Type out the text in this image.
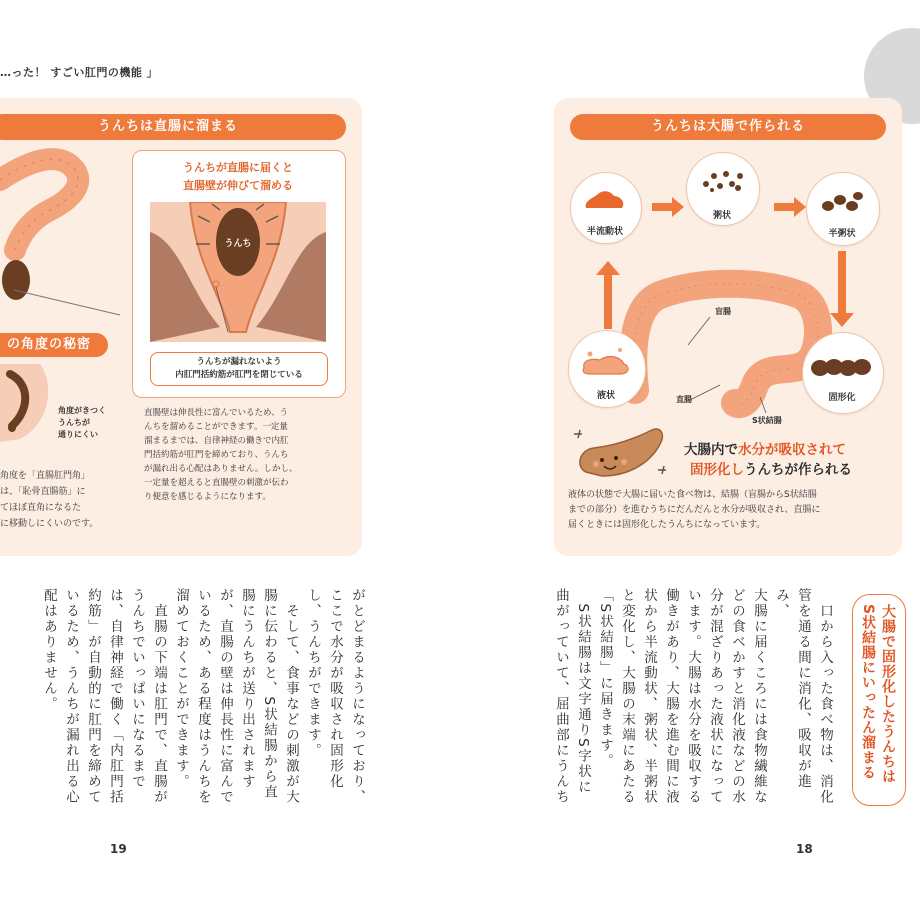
…った！ すごい肛門の機能 」
うんちは直腸に溜まる
うんちが直腸に届くと
直腸壁が伸びて溜める
うんち
うんちが漏れないよう
内肛門括約筋が肛門を閉じている
の角度の秘密
角度がきつく
うんちが
通りにくい
角度を「直腸肛門角」
は、「恥骨直腸筋」に
てほぼ直角になるた
に移動しにくいのです。
直腸壁は伸長性に富んでいるため、う
んちを溜めることができます。一定量
溜まるまでは、自律神経の働きで内肛
門括約筋が肛門を締めており、うんち
が漏れ出る心配はありません。しかし、
一定量を超えると直腸壁の刺激が伝わ
り便意を感じるようになります。
うんちは大腸で作られる
半流動状
粥状
半粥状
液状	固形化
盲腸
直腸
S状結腸
大腸内で水分が吸収されて
固形化しうんちが作られる
液体の状態で大腸に届いた食べ物は、結腸（盲腸からS状結腸
までの部分）を進むうちにだんだんと水分が吸収され、直腸に
届くときには固形化したうんちになっています。
がとどまるようになっており、
ここで水分が吸収され固形化
し、うんちができます。
　そして、食事などの刺激が大
腸に伝わると、S状結腸から直
腸にうんちが送り出されます
が、直腸の壁は伸長性に富んで
いるため、ある程度はうんちを
溜めておくことができます。
　直腸の下端は肛門で、直腸が
うんちでいっぱいになるまで
は、自律神経で働く「内肛門括
約筋」が自動的に肛門を締めて
いるため、うんちが漏れ出る心
配はありません。	　口から入った食べ物は、消化
管を通る間に消化、吸収が進み、
大腸に届くころには食物繊維な
どの食べかすと消化液などの水
分が混ざりあった液状になって
います。大腸は水分を吸収する
働きがあり、大腸を進む間に液
状から半流動状、粥状、半粥状
と変化し、大腸の末端にあたる
「S状結腸」に届きます。
　S状結腸は文字通りS字状に
曲がっていて、屈曲部にうんち	大腸で固形化したうんちは
S状結腸にいったん溜まる
19	18
